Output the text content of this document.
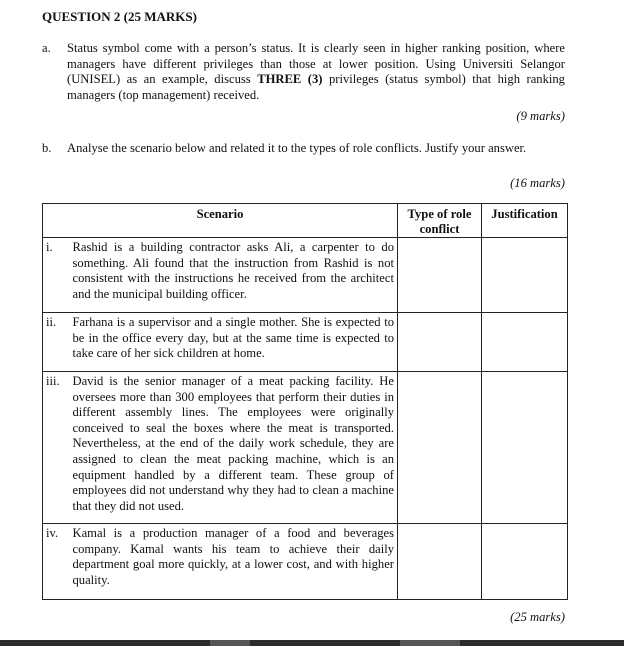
QUESTION 2 (25 MARKS)
a. Status symbol come with a person’s status. It is clearly seen in higher ranking position, where managers have different privileges than those at lower position. Using Universiti Selangor (UNISEL) as an example, discuss THREE (3) privileges (status symbol) that high ranking managers (top management) received.
(9 marks)
b. Analyse the scenario below and related it to the types of role conflicts. Justify your answer.
(16 marks)
Scenario		Type of role conflict	Justification
i.	Rashid is a building contractor asks Ali, a carpenter to do something. Ali found that the instruction from Rashid is not consistent with the instructions he received from the architect and the municipal building officer.		
ii.	Farhana is a supervisor and a single mother. She is expected to be in the office every day, but at the same time is expected to take care of her sick children at home.		
iii.	David is the senior manager of a meat packing facility. He oversees more than 300 employees that perform their duties in different assembly lines. The employees were originally conceived to seal the boxes where the meat is transported. Nevertheless, at the end of the daily work schedule, they are assigned to clean the meat packing machine, which is an equipment handled by a different team. These group of employees did not understand why they had to clean a machine that they did not used.		
iv.	Kamal is a production manager of a food and beverages company. Kamal wants his team to achieve their daily department goal more quickly, at a lower cost, and with higher quality.		
(25 marks)
